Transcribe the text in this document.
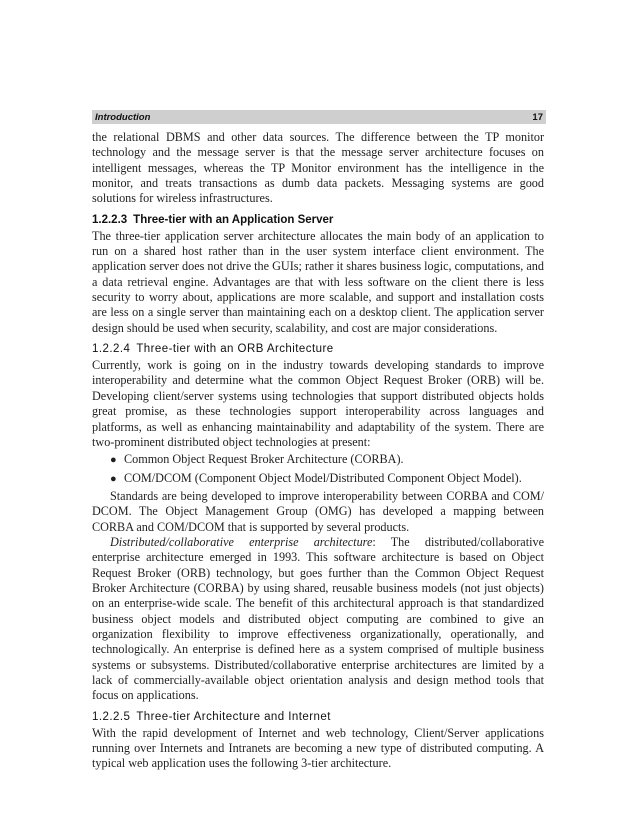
Introduction	17

the relational DBMS and other data sources. The difference between the TP monitor technology and the message server is that the message server architecture focuses on intelligent messages, whereas the TP Monitor environment has the intelligence in the monitor, and treats transactions as dumb data packets. Messaging systems are good solutions for wireless infrastructures.

1.2.2.3 Three-tier with an Application Server

The three-tier application server architecture allocates the main body of an application to run on a shared host rather than in the user system interface client environment. The application server does not drive the GUIs; rather it shares business logic, computations, and a data retrieval engine. Advantages are that with less software on the client there is less security to worry about, applications are more scalable, and support and installation costs are less on a single server than maintaining each on a desktop client. The application server design should be used when security, scalability, and cost are major considerations.

1.2.2.4 Three-tier with an ORB Architecture

Currently, work is going on in the industry towards developing standards to improve interoperability and determine what the common Object Request Broker (ORB) will be. Developing client/server systems using technologies that support distributed objects holds great promise, as these technologies support interoperability across languages and platforms, as well as enhancing maintainability and adaptability of the system. There are two-prominent distributed object technologies at present:

● Common Object Request Broker Architecture (CORBA).
● COM/DCOM (Component Object Model/Distributed Component Object Model).

Standards are being developed to improve interoperability between CORBA and COM/ DCOM. The Object Management Group (OMG) has developed a mapping between CORBA and COM/DCOM that is supported by several products.

Distributed/collaborative enterprise architecture: The distributed/collaborative enterprise architecture emerged in 1993. This software architecture is based on Object Request Broker (ORB) technology, but goes further than the Common Object Request Broker Architecture (CORBA) by using shared, reusable business models (not just objects) on an enterprise-wide scale. The benefit of this architectural approach is that standardized business object models and distributed object computing are combined to give an organization flexibility to improve effectiveness organizationally, operationally, and technologically. An enterprise is defined here as a system comprised of multiple business systems or subsystems. Distributed/collaborative enterprise architectures are limited by a lack of commercially-available object orientation analysis and design method tools that focus on applications.

1.2.2.5 Three-tier Architecture and Internet

With the rapid development of Internet and web technology, Client/Server applications running over Internets and Intranets are becoming a new type of distributed computing. A typical web application uses the following 3-tier architecture.
